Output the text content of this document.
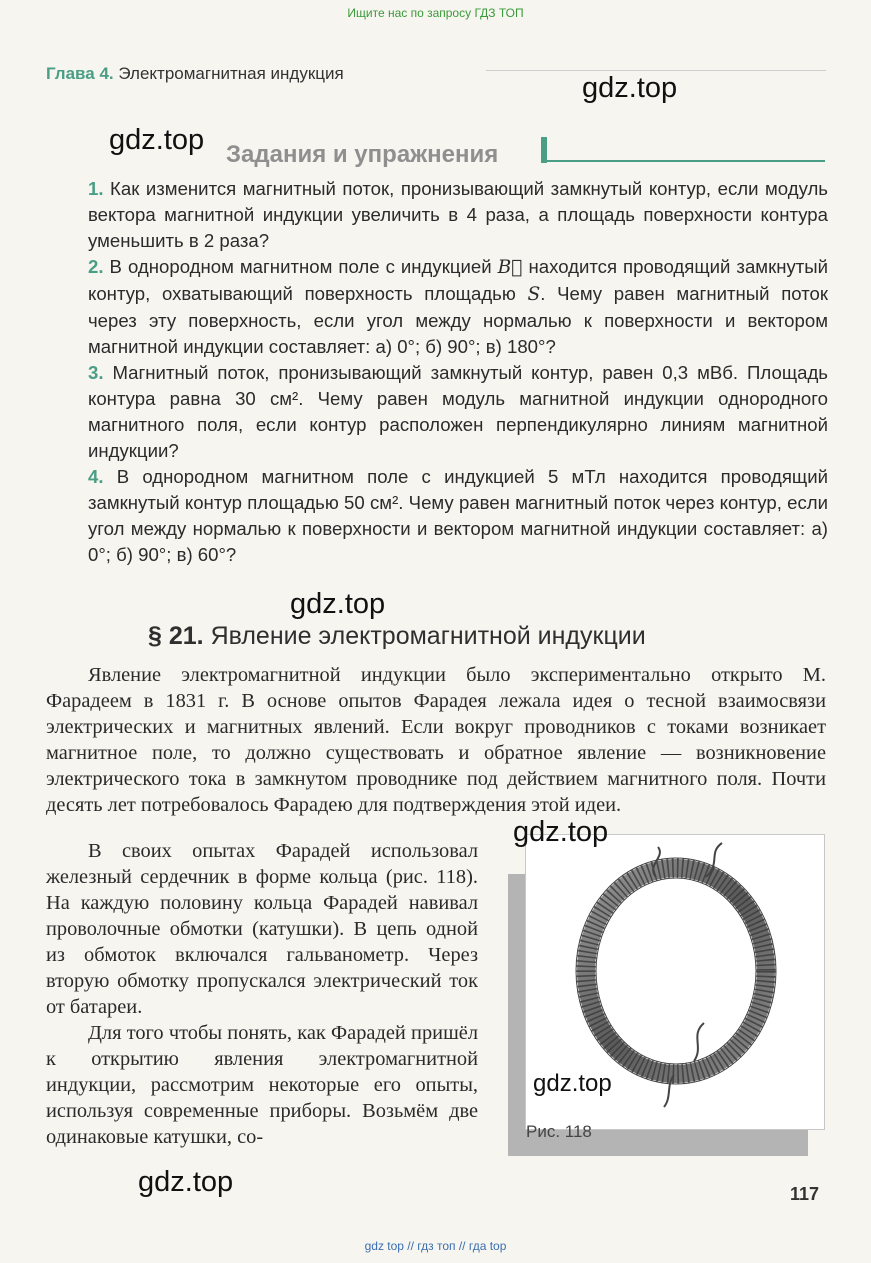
Ищите нас по запросу ГДЗ ТОП
Глава 4. Электромагнитная индукция	gdz.top
gdz.top Задания и упражнения

1. Как изменится магнитный поток, пронизывающий замкнутый контур, если модуль вектора магнитной индукции увеличить в 4 раза, а площадь поверхности контура уменьшить в 2 раза?

2. В однородном магнитном поле с индукцией B⃗ находится проводящий замкнутый контур, охватывающий поверхность площадью S. Чему равен магнитный поток через эту поверхность, если угол между нормалью к поверхности и вектором магнитной индукции составляет: а) 0°; б) 90°; в) 180°?

3. Магнитный поток, пронизывающий замкнутый контур, равен 0,3 мВб. Площадь контура равна 30 см². Чему равен модуль магнитной индукции однородного магнитного поля, если контур расположен перпендикулярно линиям магнитной индукции?

4. В однородном магнитном поле с индукцией 5 мТл находится проводящий замкнутый контур площадью 50 см². Чему равен магнитный поток через контур, если угол между нормалью к поверхности и вектором магнитной индукции составляет: а) 0°; б) 90°; в) 60°?

gdz.top
§ 21. Явление электромагнитной индукции

Явление электромагнитной индукции было экспериментально открыто М. Фарадеем в 1831 г. В основе опытов Фарадея лежала идея о тесной взаимосвязи электрических и магнитных явлений. Если вокруг проводников с токами возникает магнитное поле, то должно существовать и обратное явление — возникновение электрического тока в замкнутом проводнике под действием магнитного поля. Почти десять лет потребовалось Фарадею для подтверждения этой идеи.

В своих опытах Фарадей использовал железный сердечник в форме кольца (рис. 118). На каждую половину кольца Фарадей навивал проволочные обмотки (катушки). В цепь одной из обмоток включался гальванометр. Через вторую обмотку пропускался электрический ток от батареи.

Для того чтобы понять, как Фарадей пришёл к открытию явления электромагнитной индукции, рассмотрим некоторые его опыты, используя современные приборы. Возьмём две одинаковые катушки, со-

gdz.top
gdz.top
Рис. 118
gdz.top	117
gdz top // гдз топ // гда top
